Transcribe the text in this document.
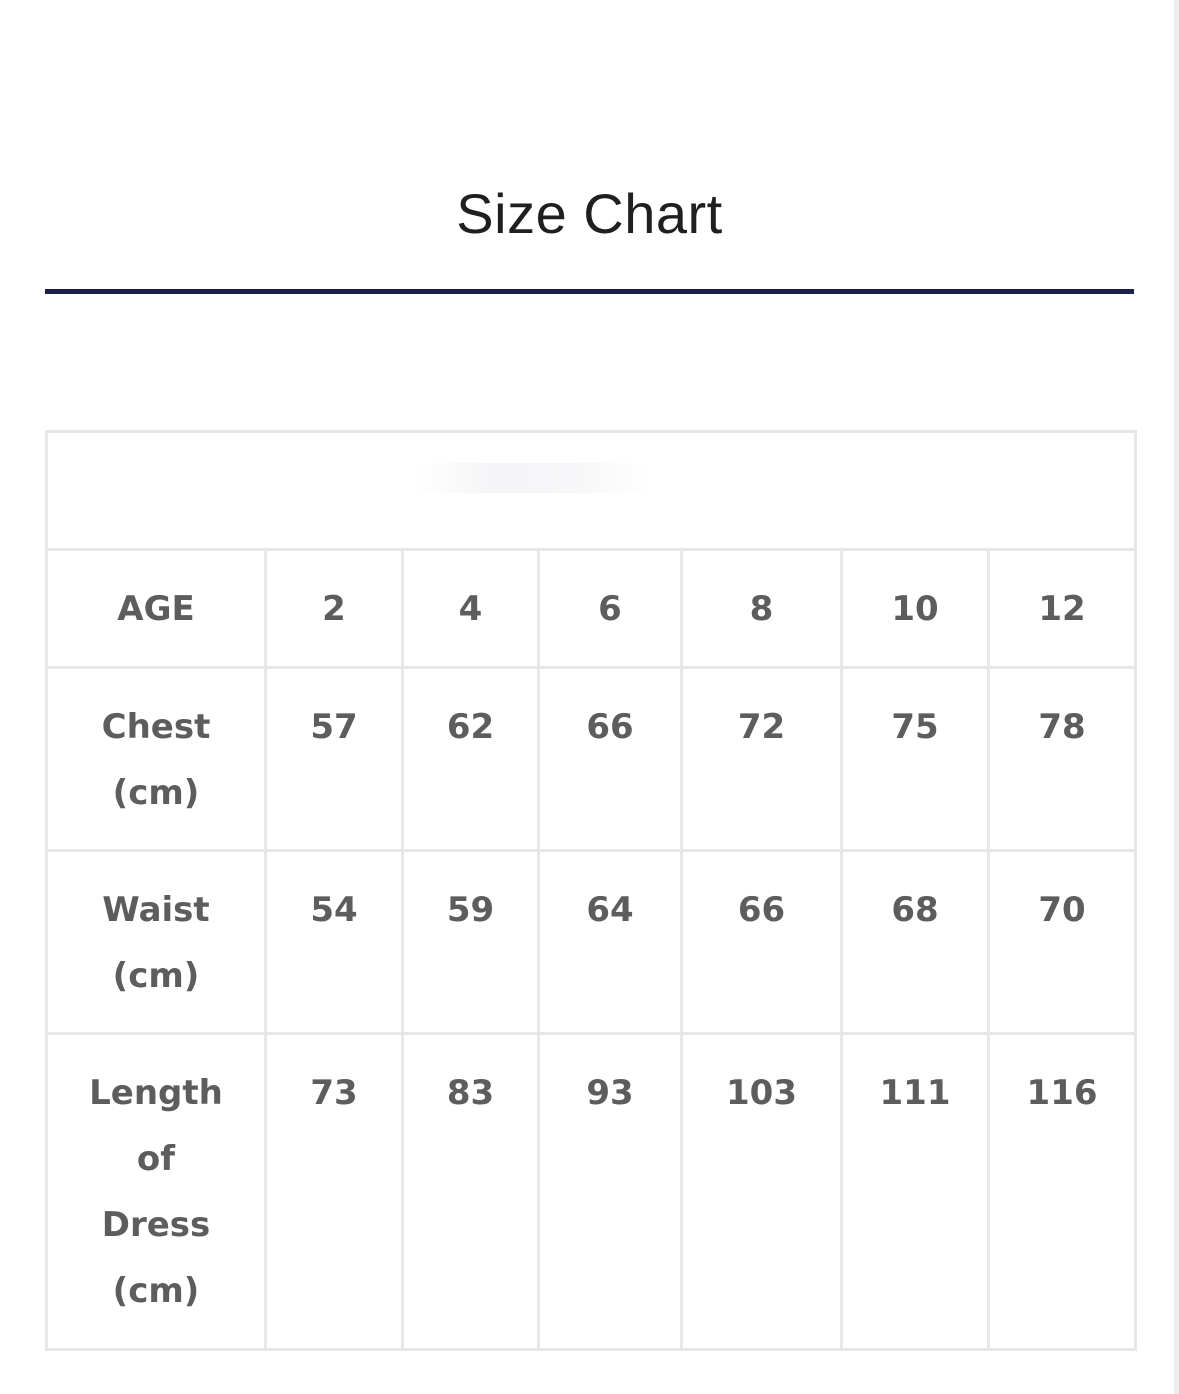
Size Chart

AGE	2	4	6	8	10	12
Chest
(cm)	57	62	66	72	75	78
Waist
(cm)	54	59	64	66	68	70
Length
of
Dress
(cm)	73	83	93	103	111	116
